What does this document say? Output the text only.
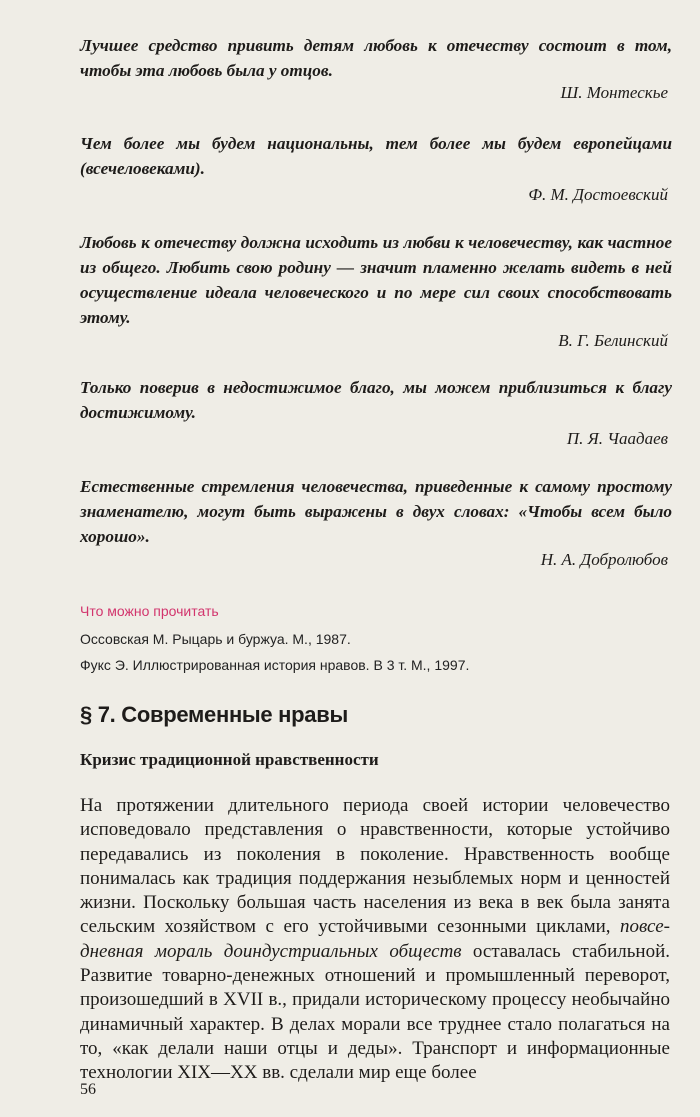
Лучшее средство привить детям любовь к отечеству состоит в том, чтобы эта любовь была у отцов.

Ш. Монтескье

Чем более мы будем национальны, тем более мы будем европейцами (всечеловеками).

Ф. М. Достоевский

Любовь к отечеству должна исходить из любви к человечеству, как частное из общего. Любить свою родину — значит пламенно желать видеть в ней осуществление идеала человеческого и по мере сил своих способствовать этому.

В. Г. Белинский

Только поверив в недостижимое благо, мы можем приблизиться к благу достижимому.

П. Я. Чаадаев

Естественные стремления человечества, приведенные к самому простому знаменателю, могут быть выражены в двух словах: «Чтобы всем было хорошо».

Н. А. Добролюбов

Что можно прочитать

Оссовская М. Рыцарь и буржуа. М., 1987.

Фукс Э. Иллюстрированная история нравов. В 3 т. М., 1997.

§ 7. Современные нравы
Кризис традиционной нравственности

На протяжении длительного периода своей истории человечество исповедовало представления о нравственности, которые устойчиво передавались из поколения в поколение. Нравственность вообще понималась как традиция поддержания незыблемых норм и ценностей жизни. Поскольку большая часть населения из века в век была занята сельским хозяйством с его устойчивыми сезонными циклами, повсе-дневная мораль доиндустриальных обществ оставалась стабильной. Развитие товарно-денежных отношений и промышленный переворот, произошедший в XVII в., придали историческому процессу необычайно динамичный характер. В делах морали все труднее стало полагаться на то, «как делали наши отцы и деды». Транспорт и информационные технологии XIX—XX вв. сделали мир еще более

56
